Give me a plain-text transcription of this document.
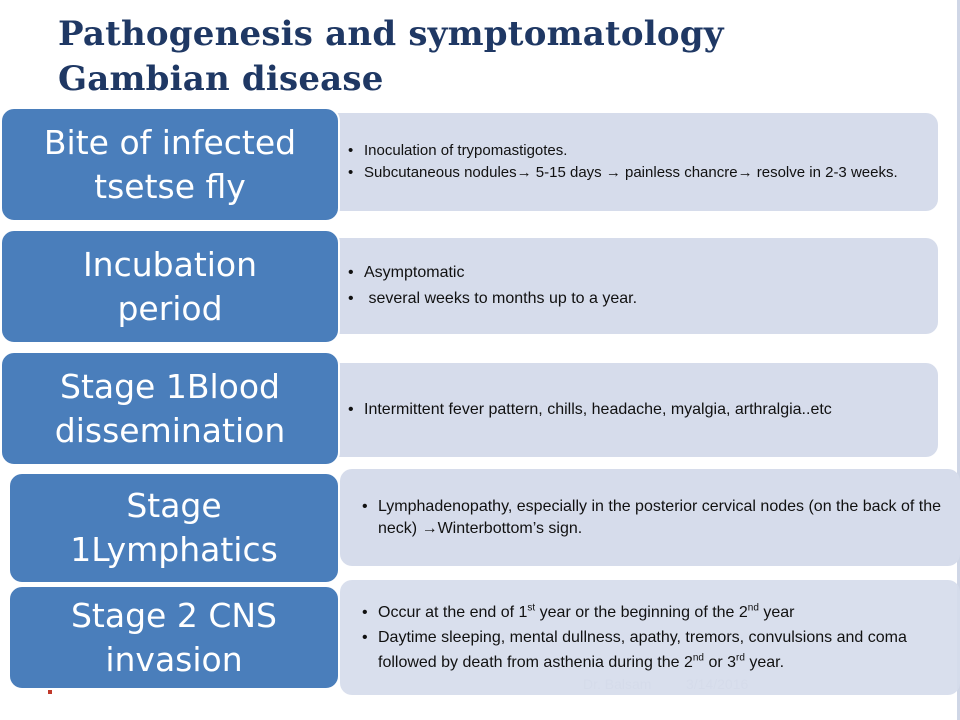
Pathogenesis and symptomatology
Gambian disease
• Inoculation of trypomastigotes.
• Subcutaneous nodules→ 5-15 days → painless chancre→ resolve in 2-3 weeks.
Bite of infected
tsetse fly
• Asymptomatic
•  several weeks to months up to a year.
Incubation
period
• Intermittent fever pattern, chills, headache, myalgia, arthralgia..etc
Stage 1Blood
dissemination
• Lymphadenopathy, especially in the posterior cervical nodes (on the back of the neck) →Winterbottom’s sign.
Stage
1Lymphatics
• Occur at the end of 1st year or the beginning of the 2nd year
• Daytime sleeping, mental dullness, apathy, tremors, convulsions and coma followed by death from asthenia during the 2nd or 3rd year.
Stage 2 CNS
invasion
